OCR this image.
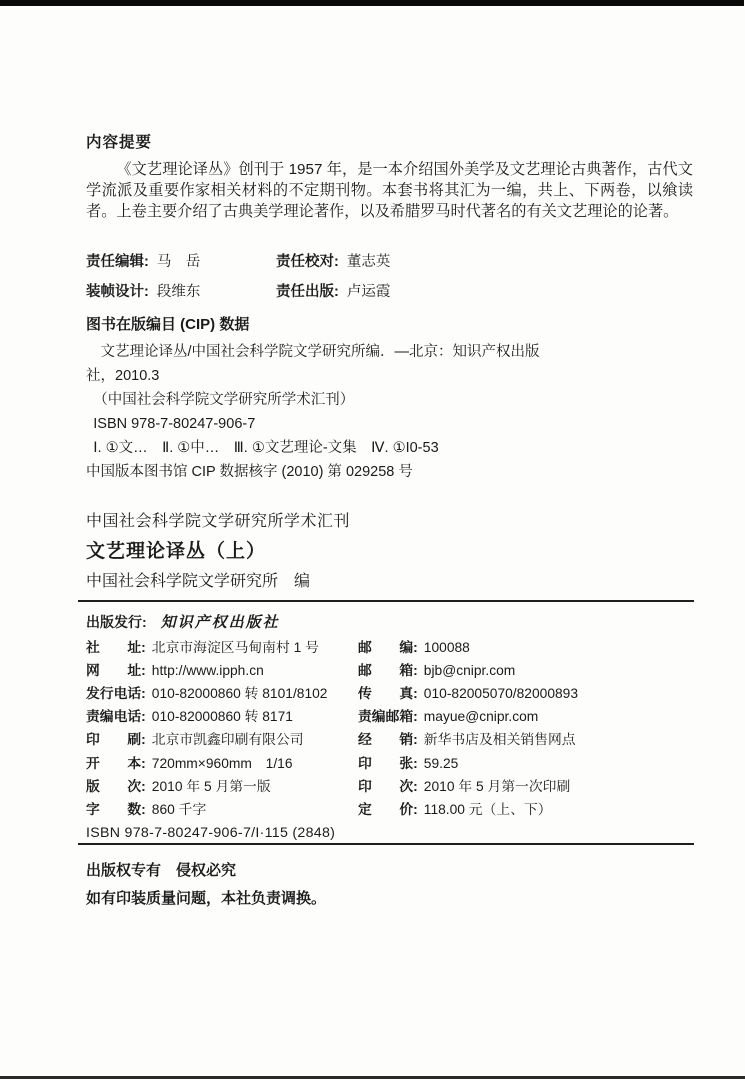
内容提要

《文艺理论译丛》创刊于 1957 年，是一本介绍国外美学及文艺理论古典著作，古代文学流派及重要作家相关材料的不定期刊物。本套书将其汇为一编，共上、下两卷，以飨读者。上卷主要介绍了古典美学理论著作，以及希腊罗马时代著名的有关文艺理论的论著。

责任编辑: 马　岳	责任校对: 董志英
装帧设计: 段维东	责任出版: 卢运霞
图书在版编目 (CIP) 数据

文艺理论译丛/中国社会科学院文学研究所编．—北京：知识产权出版

社，2010.3

（中国社会科学院文学研究所学术汇刊）

ISBN 978-7-80247-906-7

Ⅰ. ①文…　Ⅱ. ①中…　Ⅲ. ①文艺理论-文集　Ⅳ. ①I0-53

中国版本图书馆 CIP 数据核字 (2010) 第 029258 号

中国社会科学院文学研究所学术汇刊

文艺理论译丛（上）

中国社会科学院文学研究所　编

出版发行: 知识产权出版社
社　　址: 北京市海淀区马甸南村 1 号	邮　　编: 100088
网　　址: http://www.ipph.cn	邮　　箱: bjb@cnipr.com
发行电话: 010-82000860 转 8101/8102 传　　真: 010-82005070/82000893
责编电话: 010-82000860 转 8171	责编邮箱: mayue@cnipr.com
印　　刷: 北京市凯鑫印刷有限公司	经　　销: 新华书店及相关销售网点
开　　本: 720mm×960mm　1/16	印　　张: 59.25
版　　次: 2010 年 5 月第一版	印　　次: 2010 年 5 月第一次印刷
字　　数: 860 千字	定　　价: 118.00 元（上、下）

ISBN 978-7-80247-906-7/I·115 (2848)

出版权专有　侵权必究

如有印装质量问题，本社负责调换。
